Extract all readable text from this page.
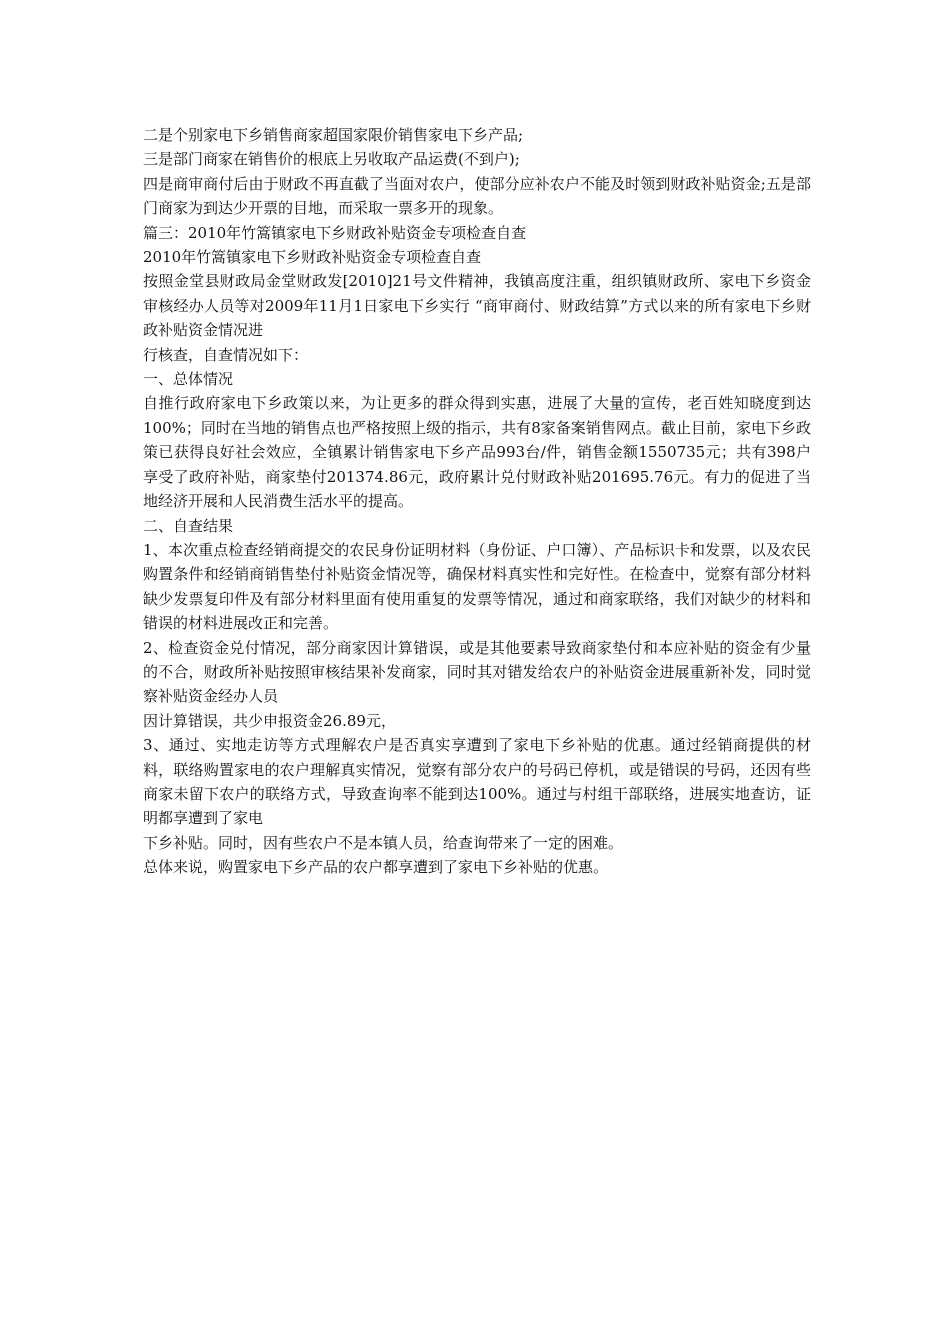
二是个别家电下乡销售商家超国家限价销售家电下乡产品;
三是部门商家在销售价的根底上另收取产品运费(不到户);
四是商审商付后由于财政不再直截了当面对农户，使部分应补农户不能及时领到财政补贴资金;五是部门商家为到达少开票的目地，而采取一票多开的现象。
篇三：2010年竹篙镇家电下乡财政补贴资金专项检查自查
2010年竹篙镇家电下乡财政补贴资金专项检查自查
按照金堂县财政局金堂财政发[2010]21号文件精神，我镇高度注重，组织镇财政所、家电下乡资金审核经办人员等对2009年11月1日家电下乡实行 “商审商付、财政结算”方式以来的所有家电下乡财政补贴资金情况进
行核查，自查情况如下：
一、总体情况
自推行政府家电下乡政策以来，为让更多的群众得到实惠，进展了大量的宣传，老百姓知晓度到达100%；同时在当地的销售点也严格按照上级的指示，共有8家备案销售网点。截止目前，家电下乡政策已获得良好社会效应，全镇累计销售家电下乡产品993台/件，销售金额1550735元；共有398户享受了政府补贴，商家垫付201374.86元，政府累计兑付财政补贴201695.76元。有力的促进了当地经济开展和人民消费生活水平的提高。
二、自查结果
1、本次重点检查经销商提交的农民身份证明材料（身份证、户口簿）、产品标识卡和发票，以及农民购置条件和经销商销售垫付补贴资金情况等，确保材料真实性和完好性。在检查中，觉察有部分材料缺少发票复印件及有部分材料里面有使用重复的发票等情况，通过和商家联络，我们对缺少的材料和错误的材料进展改正和完善。
2、检查资金兑付情况，部分商家因计算错误，或是其他要素导致商家垫付和本应补贴的资金有少量的不合，财政所补贴按照审核结果补发商家，同时其对错发给农户的补贴资金进展重新补发，同时觉察补贴资金经办人员
因计算错误，共少申报资金26.89元，
3、通过、实地走访等方式理解农户是否真实享遭到了家电下乡补贴的优惠。通过经销商提供的材料，联络购置家电的农户理解真实情况，觉察有部分农户的号码已停机，或是错误的号码，还因有些商家未留下农户的联络方式，导致查询率不能到达100%。通过与村组干部联络，进展实地查访，证明都享遭到了家电
下乡补贴。同时，因有些农户不是本镇人员，给查询带来了一定的困难。
总体来说，购置家电下乡产品的农户都享遭到了家电下乡补贴的优惠。
